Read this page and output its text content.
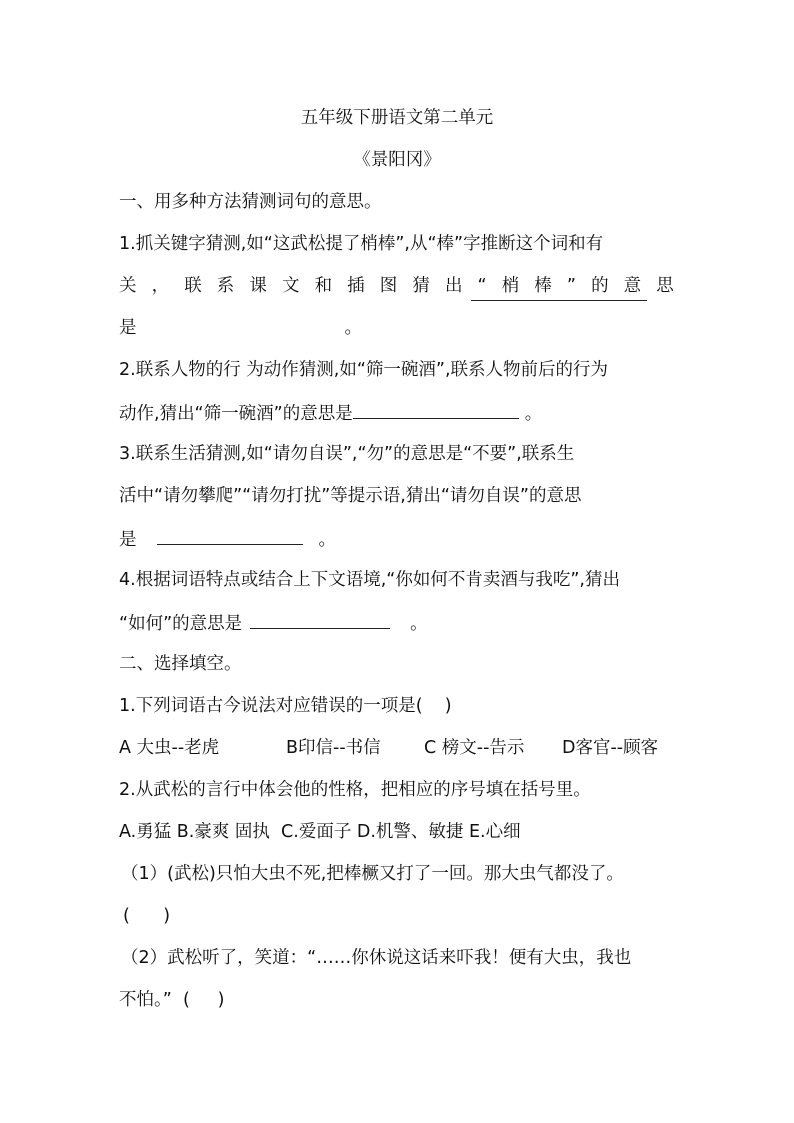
五年级下册语文第二单元
《景阳冈》
一、用多种方法猜测词句的意思。
1.抓关键字猜测,如“这武松提了梢棒”,从“棒”字推断这个词和有
关 ， 联 系 课 文 和 插 图 猜 出 “ 梢 棒 ” 的 意 思
是	。
2.联系人物的行 为动作猜测,如“筛一碗酒”,联系人物前后的行为
动作,猜出“筛一碗酒”的意思是	。
3.联系生活猜测,如“请勿自误”,“勿”的意思是“不要”,联系生
活中“请勿攀爬”“请勿打扰”等提示语,猜出“请勿自误”的意思
是	。
4.根据词语特点或结合上下文语境,“你如何不肯卖酒与我吃”,猜出
“如何”的意思是	。
二、选择填空。
1.下列词语古今说法对应错误的一项是(    )
A 大虫--老虎	B印信--书信 C 榜文--告示 D客官--顾客
2.从武松的言行中体会他的性格，把相应的序号填在括号里。
A.勇猛 B.豪爽 固执  C.爱面子 D.机警、敏捷 E.心细
（1）(武松)只怕大虫不死,把棒橛又打了一回。那大虫气都没了。
(      )
（2）武松听了，笑道：“……你休说这话来吓我！便有大虫，我也
不怕。”  (     )
